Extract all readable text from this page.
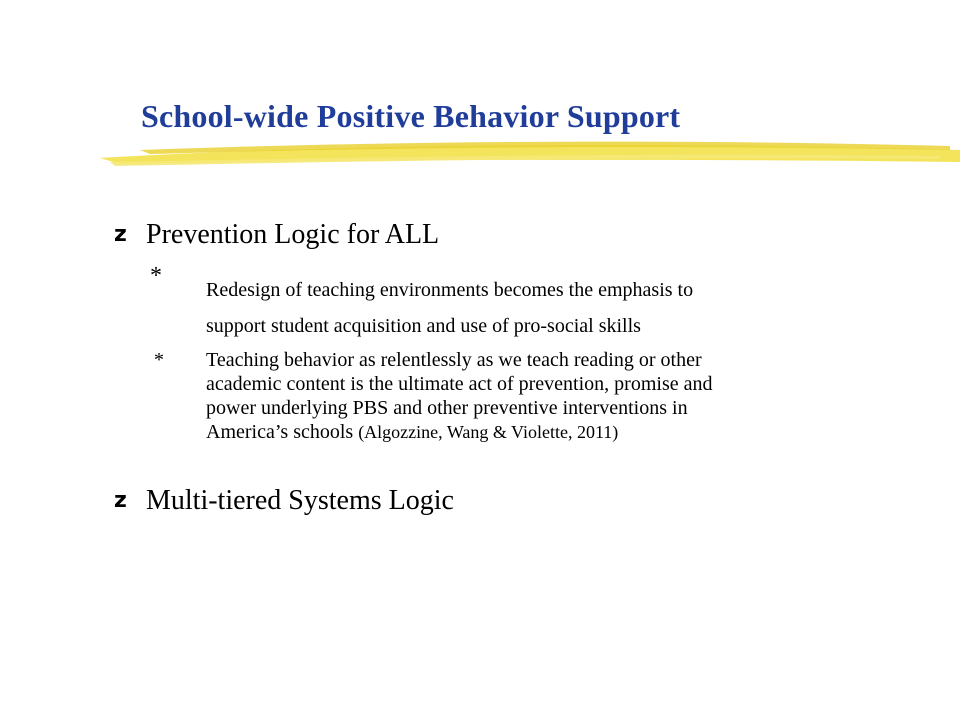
School-wide Positive Behavior Support
z Prevention Logic for ALL
*
Redesign of teaching environments becomes the emphasis to
support student acquisition and use of pro-social skills
*	Teaching behavior as relentlessly as we teach reading or other
academic content is the ultimate act of prevention, promise and
power underlying PBS and other preventive interventions in
America’s schools (Algozzine, Wang & Violette, 2011)
z Multi-tiered Systems Logic
